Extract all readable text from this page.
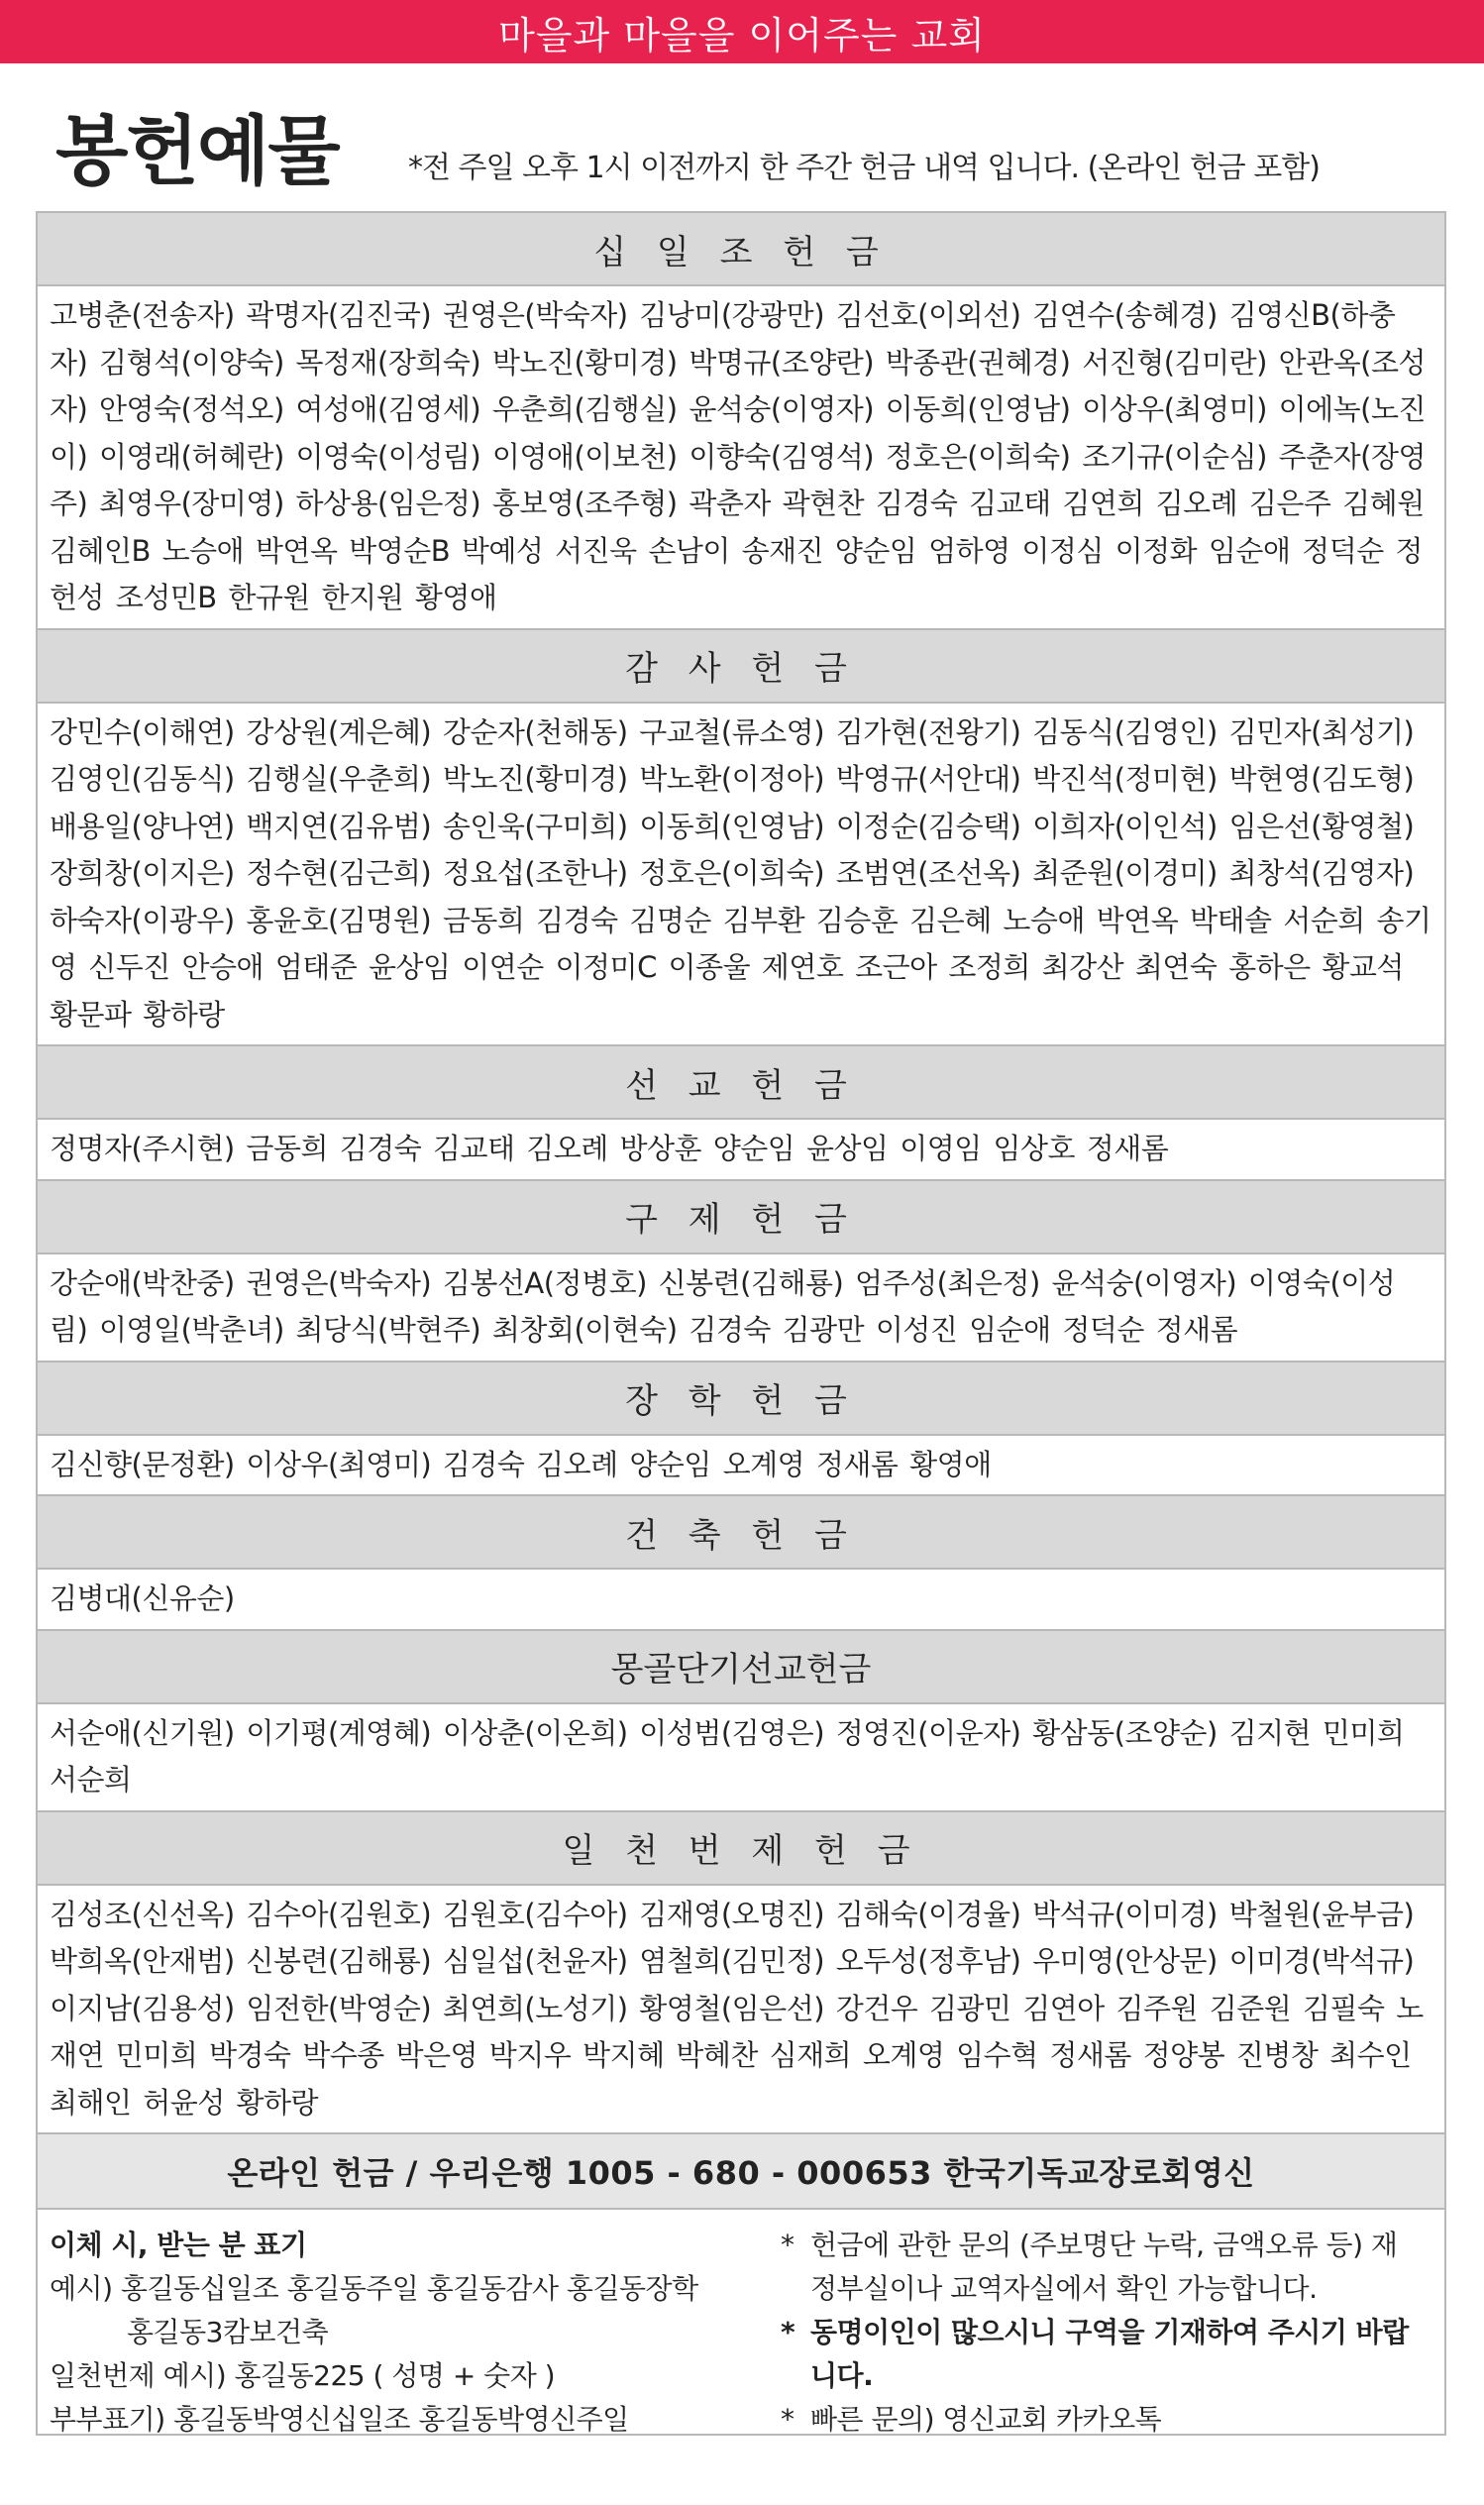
마을과 마을을 이어주는 교회
봉헌예물 *전 주일 오후 1시 이전까지 한 주간 헌금 내역 입니다. (온라인 헌금 포함)
십 일 조 헌 금
고병춘(전송자) 곽명자(김진국) 권영은(박숙자) 김낭미(강광만) 김선호(이외선) 김연수(송혜경) 김영신B(하충자) 김형석(이양숙) 목정재(장희숙) 박노진(황미경) 박명규(조양란) 박종관(권혜경) 서진형(김미란) 안관옥(조성자) 안영숙(정석오) 여성애(김영세) 우춘희(김행실) 윤석숭(이영자) 이동희(인영남) 이상우(최영미) 이에녹(노진이) 이영래(허혜란) 이영숙(이성림) 이영애(이보천) 이향숙(김영석) 정호은(이희숙) 조기규(이순심) 주춘자(장영주) 최영우(장미영) 하상용(임은정) 홍보영(조주형) 곽춘자 곽현찬 김경숙 김교태 김연희 김오례 김은주 김혜원 김혜인B 노승애 박연옥 박영순B 박예성 서진욱 손남이 송재진 양순임 엄하영 이정심 이정화 임순애 정덕순 정헌성 조성민B 한규원 한지원 황영애
감 사 헌 금
강민수(이해연) 강상원(계은혜) 강순자(천해동) 구교철(류소영) 김가현(전왕기) 김동식(김영인) 김민자(최성기) 김영인(김동식) 김행실(우춘희) 박노진(황미경) 박노환(이정아) 박영규(서안대) 박진석(정미현) 박현영(김도형) 배용일(양나연) 백지연(김유범) 송인욱(구미희) 이동희(인영남) 이정순(김승택) 이희자(이인석) 임은선(황영철) 장희창(이지은) 정수현(김근희) 정요섭(조한나) 정호은(이희숙) 조범연(조선옥) 최준원(이경미) 최창석(김영자) 하숙자(이광우) 홍윤호(김명원) 금동희 김경숙 김명순 김부환 김승훈 김은혜 노승애 박연옥 박태솔 서순희 송기영 신두진 안승애 엄태준 윤상임 이연순 이정미C 이종울 제연호 조근아 조정희 최강산 최연숙 홍하은 황교석 황문파 황하랑
선 교 헌 금
정명자(주시현) 금동희 김경숙 김교태 김오례 방상훈 양순임 윤상임 이영임 임상호 정새롬
구 제 헌 금
강순애(박찬중) 권영은(박숙자) 김봉선A(정병호) 신봉련(김해룡) 엄주성(최은정) 윤석숭(이영자) 이영숙(이성림) 이영일(박춘녀) 최당식(박현주) 최창회(이현숙) 김경숙 김광만 이성진 임순애 정덕순 정새롬
장 학 헌 금
김신향(문정환) 이상우(최영미) 김경숙 김오례 양순임 오계영 정새롬 황영애
건 축 헌 금
김병대(신유순)
몽골단기선교헌금
서순애(신기원) 이기평(계영혜) 이상춘(이온희) 이성범(김영은) 정영진(이운자) 황삼동(조양순) 김지현 민미희 서순희
일 천 번 제 헌 금
김성조(신선옥) 김수아(김원호) 김원호(김수아) 김재영(오명진) 김해숙(이경율) 박석규(이미경) 박철원(윤부금) 박희옥(안재범) 신봉련(김해룡) 심일섭(천윤자) 염철희(김민정) 오두성(정후남) 우미영(안상문) 이미경(박석규) 이지남(김용성) 임전한(박영순) 최연희(노성기) 황영철(임은선) 강건우 김광민 김연아 김주원 김준원 김필숙 노재연 민미희 박경숙 박수종 박은영 박지우 박지혜 박혜찬 심재희 오계영 임수혁 정새롬 정양봉 진병창 최수인 최해인 허윤성 황하랑
온라인 헌금 / 우리은행 1005 - 680 - 000653 한국기독교장로회영신
이체 시, 받는 분 표기
예시) 홍길동십일조 홍길동주일 홍길동감사 홍길동장학
홍길동3캄보건축
일천번제 예시) 홍길동225 ( 성명 + 숫자 )
부부표기) 홍길동박영신십일조 홍길동박영신주일
* 헌금에 관한 문의 (주보명단 누락, 금액오류 등) 재정부실이나 교역자실에서 확인 가능합니다.
* 동명이인이 많으시니 구역을 기재하여 주시기 바랍니다.
* 빠른 문의) 영신교회 카카오톡
